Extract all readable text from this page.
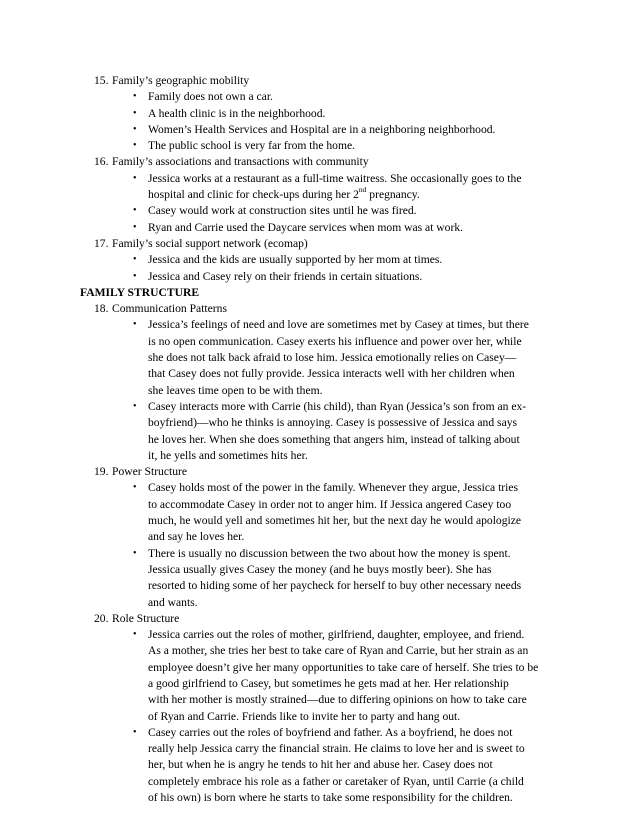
15. Family’s geographic mobility
• Family does not own a car.
• A health clinic is in the neighborhood.
• Women’s Health Services and Hospital are in a neighboring neighborhood.
• The public school is very far from the home.
16. Family’s associations and transactions with community
• Jessica works at a restaurant as a full-time waitress. She occasionally goes to the
hospital and clinic for check-ups during her 2nd pregnancy.
• Casey would work at construction sites until he was fired.
• Ryan and Carrie used the Daycare services when mom was at work.
17. Family’s social support network (ecomap)
• Jessica and the kids are usually supported by her mom at times.
• Jessica and Casey rely on their friends in certain situations.
FAMILY STRUCTURE
18. Communication Patterns
• Jessica’s feelings of need and love are sometimes met by Casey at times, but there
is no open communication. Casey exerts his influence and power over her, while
she does not talk back afraid to lose him. Jessica emotionally relies on Casey—
that Casey does not fully provide. Jessica interacts well with her children when
she leaves time open to be with them.
• Casey interacts more with Carrie (his child), than Ryan (Jessica’s son from an ex-
boyfriend)—who he thinks is annoying. Casey is possessive of Jessica and says
he loves her. When she does something that angers him, instead of talking about
it, he yells and sometimes hits her.
19. Power Structure
• Casey holds most of the power in the family. Whenever they argue, Jessica tries
to accommodate Casey in order not to anger him. If Jessica angered Casey too
much, he would yell and sometimes hit her, but the next day he would apologize
and say he loves her.
• There is usually no discussion between the two about how the money is spent.
Jessica usually gives Casey the money (and he buys mostly beer). She has
resorted to hiding some of her paycheck for herself to buy other necessary needs
and wants.
20. Role Structure
• Jessica carries out the roles of mother, girlfriend, daughter, employee, and friend.
As a mother, she tries her best to take care of Ryan and Carrie, but her strain as an
employee doesn’t give her many opportunities to take care of herself. She tries to be
a good girlfriend to Casey, but sometimes he gets mad at her. Her relationship
with her mother is mostly strained—due to differing opinions on how to take care
of Ryan and Carrie. Friends like to invite her to party and hang out.
• Casey carries out the roles of boyfriend and father. As a boyfriend, he does not
really help Jessica carry the financial strain. He claims to love her and is sweet to
her, but when he is angry he tends to hit her and abuse her. Casey does not
completely embrace his role as a father or caretaker of Ryan, until Carrie (a child
of his own) is born where he starts to take some responsibility for the children.
